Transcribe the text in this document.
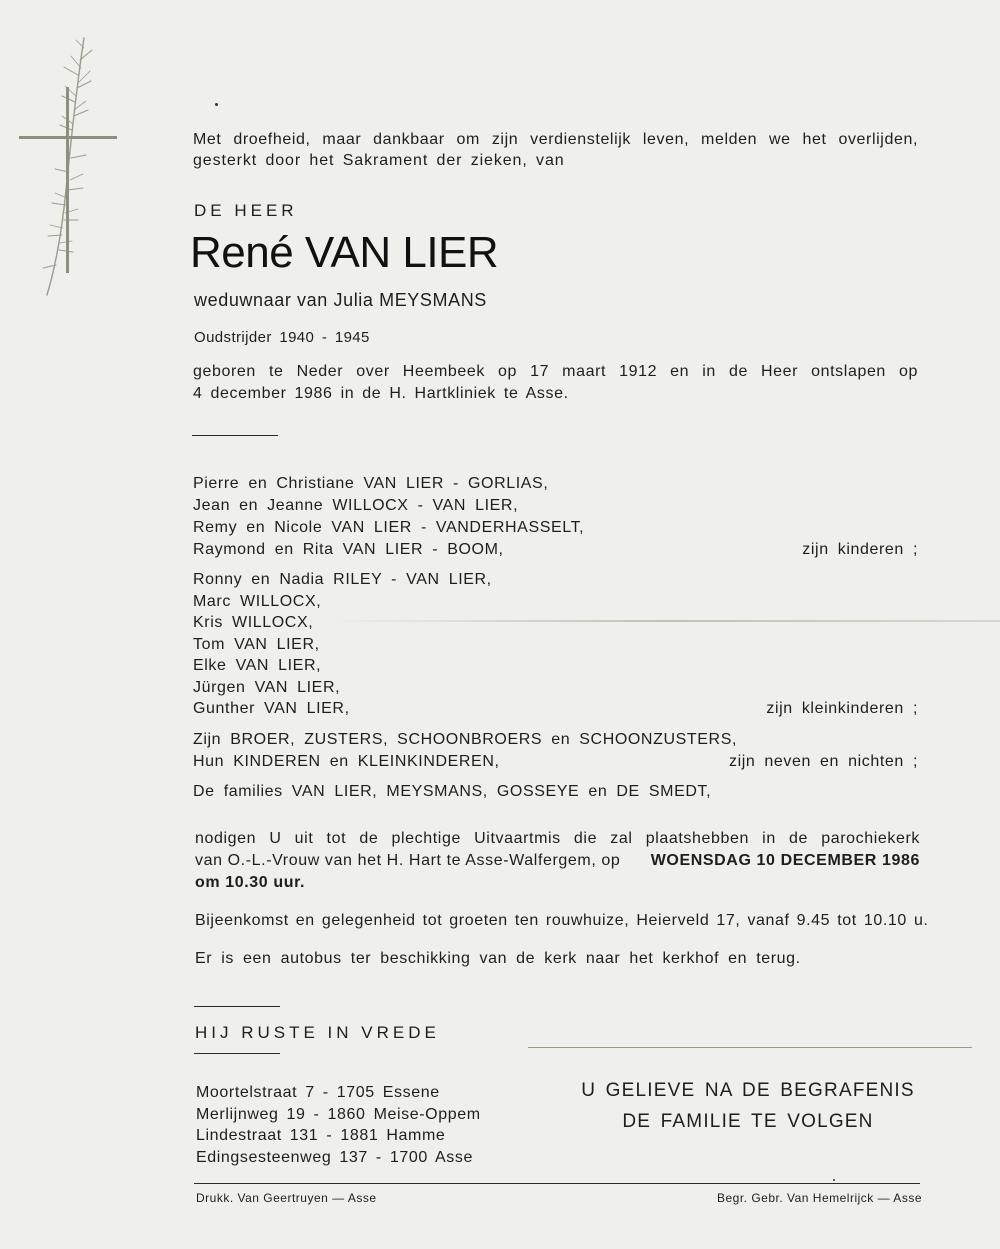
Met droefheid, maar dankbaar om zijn verdienstelijk leven, melden we het overlijden,
gesterkt door het Sakrament der zieken, van
DE HEER
René VAN LIER
weduwnaar van Julia MEYSMANS
Oudstrijder 1940 - 1945
geboren te Neder over Heembeek op 17 maart 1912 en in de Heer ontslapen op
4 december 1986 in de H. Hartkliniek te Asse.
Pierre en Christiane VAN LIER - GORLIAS,
Jean en Jeanne WILLOCX - VAN LIER,
Remy en Nicole VAN LIER - VANDERHASSELT,
Raymond en Rita VAN LIER - BOOM,	zijn kinderen ;
Ronny en Nadia RILEY - VAN LIER,
Marc WILLOCX,
Kris WILLOCX,
Tom VAN LIER,
Elke VAN LIER,
Jürgen VAN LIER,
Gunther VAN LIER,	zijn kleinkinderen ;
Zijn BROER, ZUSTERS, SCHOONBROERS en SCHOONZUSTERS,
Hun KINDEREN en KLEINKINDEREN,	zijn neven en nichten ;
De families VAN LIER, MEYSMANS, GOSSEYE en DE SMEDT,
nodigen U uit tot de plechtige Uitvaartmis die zal plaatshebben in de parochiekerk
van O.-L.-Vrouw van het H. Hart te Asse-Walfergem, op WOENSDAG 10 DECEMBER 1986
om 10.30 uur.
Bijeenkomst en gelegenheid tot groeten ten rouwhuize, Heierveld 17, vanaf 9.45 tot 10.10 u.
Er is een autobus ter beschikking van de kerk naar het kerkhof en terug.
HIJ RUSTE IN VREDE
Moortelstraat 7 - 1705 Essene
Merlijnweg 19 - 1860 Meise-Oppem
Lindestraat 131 - 1881 Hamme
Edingsesteenweg 137 - 1700 Asse
U GELIEVE NA DE BEGRAFENIS
DE FAMILIE TE VOLGEN
Drukk. Van Geertruyen — Asse	Begr. Gebr. Van Hemelrijck — Asse
